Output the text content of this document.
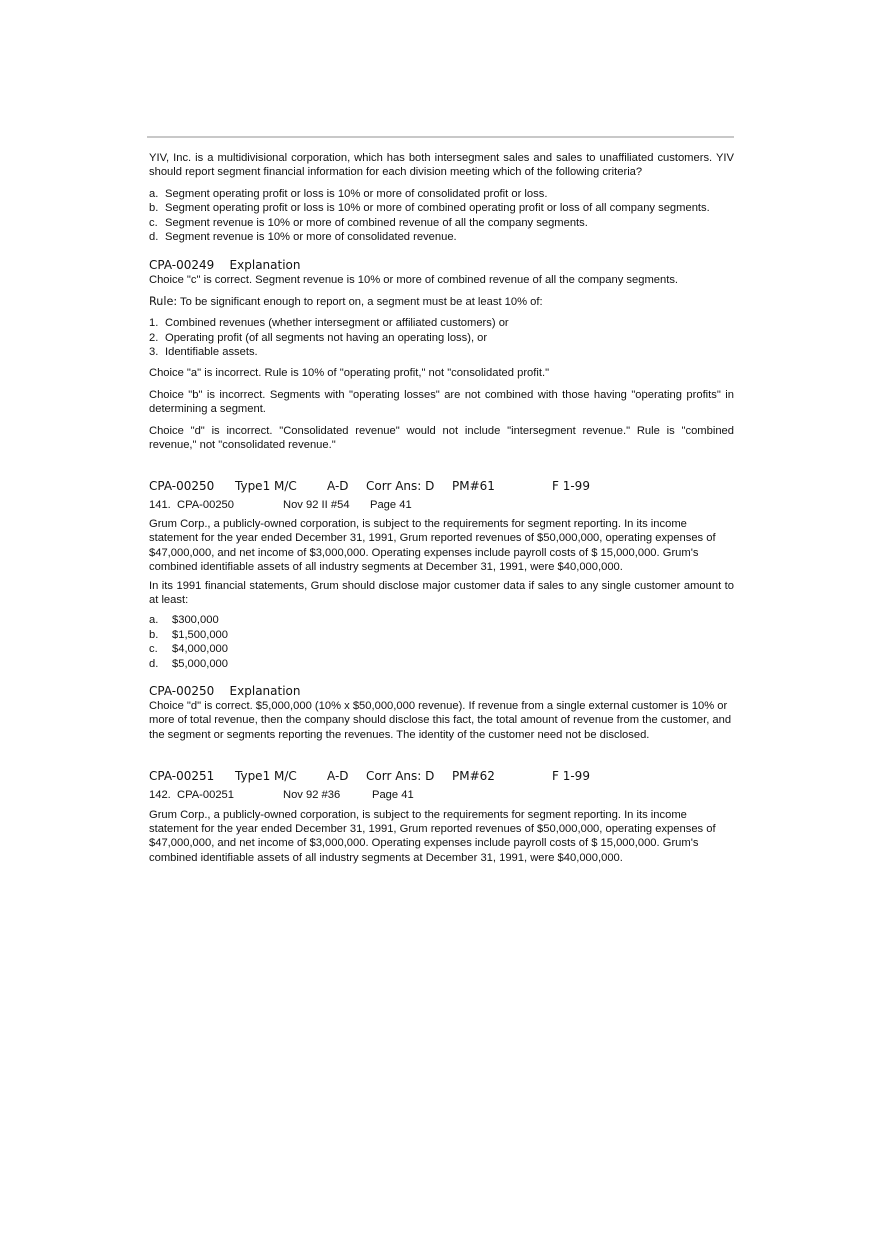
YIV, Inc. is a multidivisional corporation, which has both intersegment sales and sales to unaffiliated customers. YIV should report segment financial information for each division meeting which of the following criteria?

a. Segment operating profit or loss is 10% or more of consolidated profit or loss.
b. Segment operating profit or loss is 10% or more of combined operating profit or loss of all company segments.
c. Segment revenue is 10% or more of combined revenue of all the company segments.
d. Segment revenue is 10% or more of consolidated revenue.

CPA-00249    Explanation

Choice "c" is correct. Segment revenue is 10% or more of combined revenue of all the company segments.

Rule: To be significant enough to report on, a segment must be at least 10% of:

1. Combined revenues (whether intersegment or affiliated customers) or
2. Operating profit (of all segments not having an operating loss), or
3. Identifiable assets.

Choice "a" is incorrect. Rule is 10% of "operating profit," not "consolidated profit."

Choice "b" is incorrect. Segments with "operating losses" are not combined with those having "operating profits" in determining a segment.

Choice "d" is incorrect. "Consolidated revenue" would not include "intersegment revenue." Rule is "combined revenue," not "consolidated revenue."

CPA-00250 Type1 M/C	A-D Corr Ans: D PM#61	F 1-99
141.  CPA-00250	Nov 92 II #54 Page 41

Grum Corp., a publicly-owned corporation, is subject to the requirements for segment reporting. In its income statement for the year ended December 31, 1991, Grum reported revenues of $50,000,000, operating expenses of $47,000,000, and net income of $3,000,000. Operating expenses include payroll costs of $ 15,000,000. Grum's combined identifiable assets of all industry segments at December 31, 1991, were $40,000,000.

In its 1991 financial statements, Grum should disclose major customer data if sales to any single customer amount to at least:

a. $300,000
b. $1,500,000
c. $4,000,000
d. $5,000,000

CPA-00250    Explanation

Choice "d" is correct. $5,000,000 (10% x $50,000,000 revenue). If revenue from a single external customer is 10% or more of total revenue, then the company should disclose this fact, the total amount of revenue from the customer, and the segment or segments reporting the revenues. The identity of the customer need not be disclosed.

CPA-00251 Type1 M/C	A-D Corr Ans: D PM#62	F 1-99
142.  CPA-00251	Nov 92 #36	Page 41

Grum Corp., a publicly-owned corporation, is subject to the requirements for segment reporting. In its income statement for the year ended December 31, 1991, Grum reported revenues of $50,000,000, operating expenses of $47,000,000, and net income of $3,000,000. Operating expenses include payroll costs of $ 15,000,000. Grum's combined identifiable assets of all industry segments at December 31, 1991, were $40,000,000.
